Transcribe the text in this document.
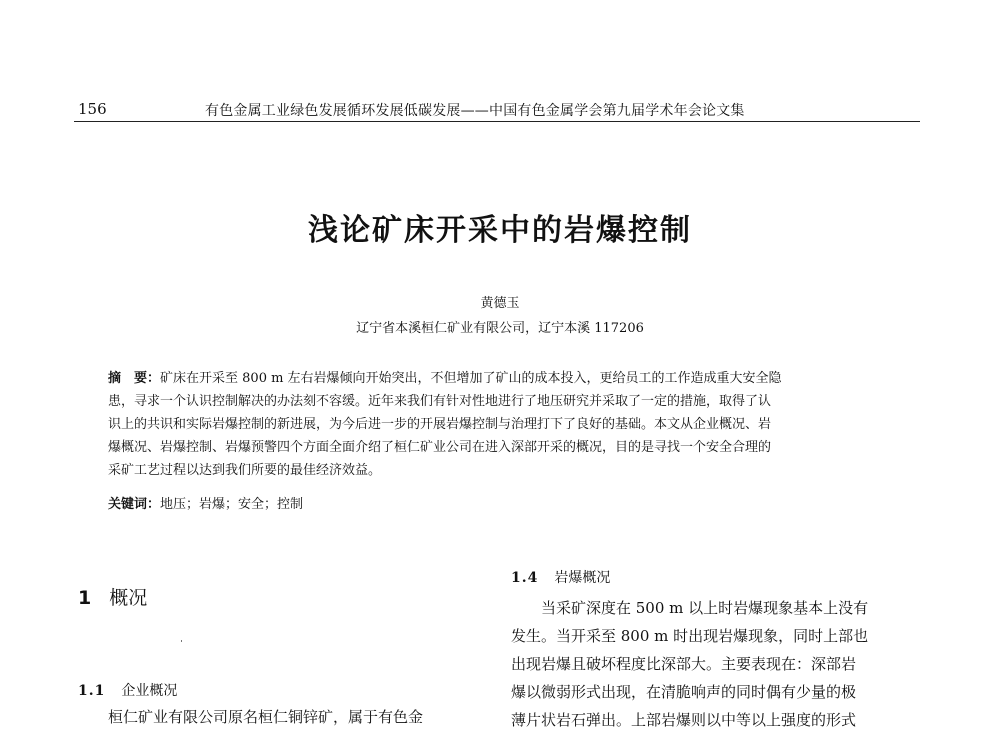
156	有色金属工业绿色发展循环发展低碳发展——中国有色金属学会第九届学术年会论文集
浅论矿床开采中的岩爆控制
黄德玉
辽宁省本溪桓仁矿业有限公司，辽宁本溪 117206
摘　要：矿床在开采至 800 m 左右岩爆倾向开始突出，不但增加了矿山的成本投入，更给员工的工作造成重大安全隐
患，寻求一个认识控制解决的办法刻不容缓。近年来我们有针对性地进行了地压研究并采取了一定的措施，取得了认
识上的共识和实际岩爆控制的新进展，为今后进一步的开展岩爆控制与治理打下了良好的基础。本文从企业概况、岩
爆概况、岩爆控制、岩爆预警四个方面全面介绍了桓仁矿业公司在进入深部开采的概况，目的是寻找一个安全合理的
采矿工艺过程以达到我们所要的最佳经济效益。
关键词：地压；岩爆；安全；控制
1 概况
1.1 企业概况
桓仁矿业有限公司原名桓仁铜锌矿，属于有色金
1.4 岩爆概况
当采矿深度在 500 m 以上时岩爆现象基本上没有
发生。当开采至 800 m 时出现岩爆现象，同时上部也
出现岩爆且破坏程度比深部大。主要表现在：深部岩
爆以微弱形式出现，在清脆响声的同时偶有少量的极
薄片状岩石弹出。上部岩爆则以中等以上强度的形式
